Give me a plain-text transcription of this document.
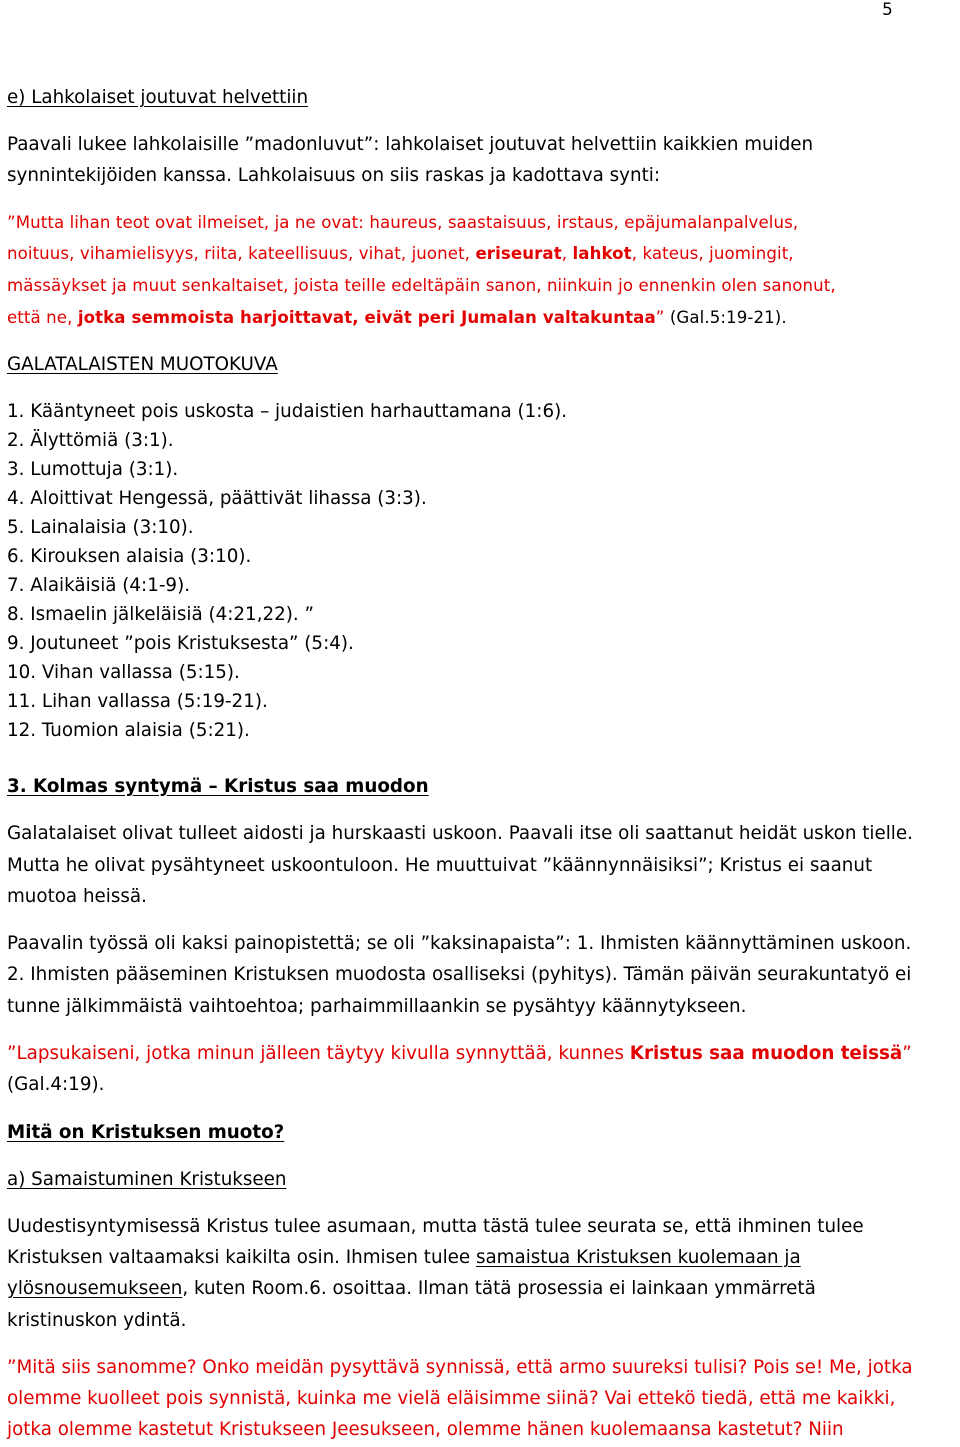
5
e) Lahkolaiset joutuvat helvettiin
Paavali lukee lahkolaisille ”madonluvut”: lahkolaiset joutuvat helvettiin kaikkien muiden
synnintekijöiden kanssa. Lahkolaisuus on siis raskas ja kadottava synti:
”Mutta lihan teot ovat ilmeiset, ja ne ovat: haureus, saastaisuus, irstaus, epäjumalanpalvelus,
noituus, vihamielisyys, riita, kateellisuus, vihat, juonet, eriseurat, lahkot, kateus, juomingit,
mässäykset ja muut senkaltaiset, joista teille edeltäpäin sanon, niinkuin jo ennenkin olen sanonut,
että ne, jotka semmoista harjoittavat, eivät peri Jumalan valtakuntaa” (Gal.5:19-21).
GALATALAISTEN MUOTOKUVA
1. Kääntyneet pois uskosta – judaistien harhauttamana (1:6).
2. Älyttömiä (3:1).
3. Lumottuja (3:1).
4. Aloittivat Hengessä, päättivät lihassa (3:3).
5. Lainalaisia (3:10).
6. Kirouksen alaisia (3:10).
7. Alaikäisiä (4:1-9).
8. Ismaelin jälkeläisiä (4:21,22). ”
9. Joutuneet ”pois Kristuksesta” (5:4).
10. Vihan vallassa (5:15).
11. Lihan vallassa (5:19-21).
12. Tuomion alaisia (5:21).
3. Kolmas syntymä – Kristus saa muodon
Galatalaiset olivat tulleet aidosti ja hurskaasti uskoon. Paavali itse oli saattanut heidät uskon tielle.
Mutta he olivat pysähtyneet uskoontuloon. He muuttuivat ”käännynnäisiksi”; Kristus ei saanut
muotoa heissä.
Paavalin työssä oli kaksi painopistettä; se oli ”kaksinapaista”: 1. Ihmisten käännyttäminen uskoon.
2. Ihmisten pääseminen Kristuksen muodosta osalliseksi (pyhitys). Tämän päivän seurakuntatyö ei
tunne jälkimmäistä vaihtoehtoa; parhaimmillaankin se pysähtyy käännytykseen.
”Lapsukaiseni, jotka minun jälleen täytyy kivulla synnyttää, kunnes Kristus saa muodon teissä”
(Gal.4:19).
Mitä on Kristuksen muoto?
a) Samaistuminen Kristukseen
Uudestisyntymisessä Kristus tulee asumaan, mutta tästä tulee seurata se, että ihminen tulee
Kristuksen valtaamaksi kaikilta osin. Ihmisen tulee samaistua Kristuksen kuolemaan ja
ylösnousemukseen, kuten Room.6. osoittaa. Ilman tätä prosessia ei lainkaan ymmärretä
kristinuskon ydintä.
”Mitä siis sanomme? Onko meidän pysyttävä synnissä, että armo suureksi tulisi? Pois se! Me, jotka
olemme kuolleet pois synnistä, kuinka me vielä eläisimme siinä? Vai ettekö tiedä, että me kaikki,
jotka olemme kastetut Kristukseen Jeesukseen, olemme hänen kuolemaansa kastetut? Niin
